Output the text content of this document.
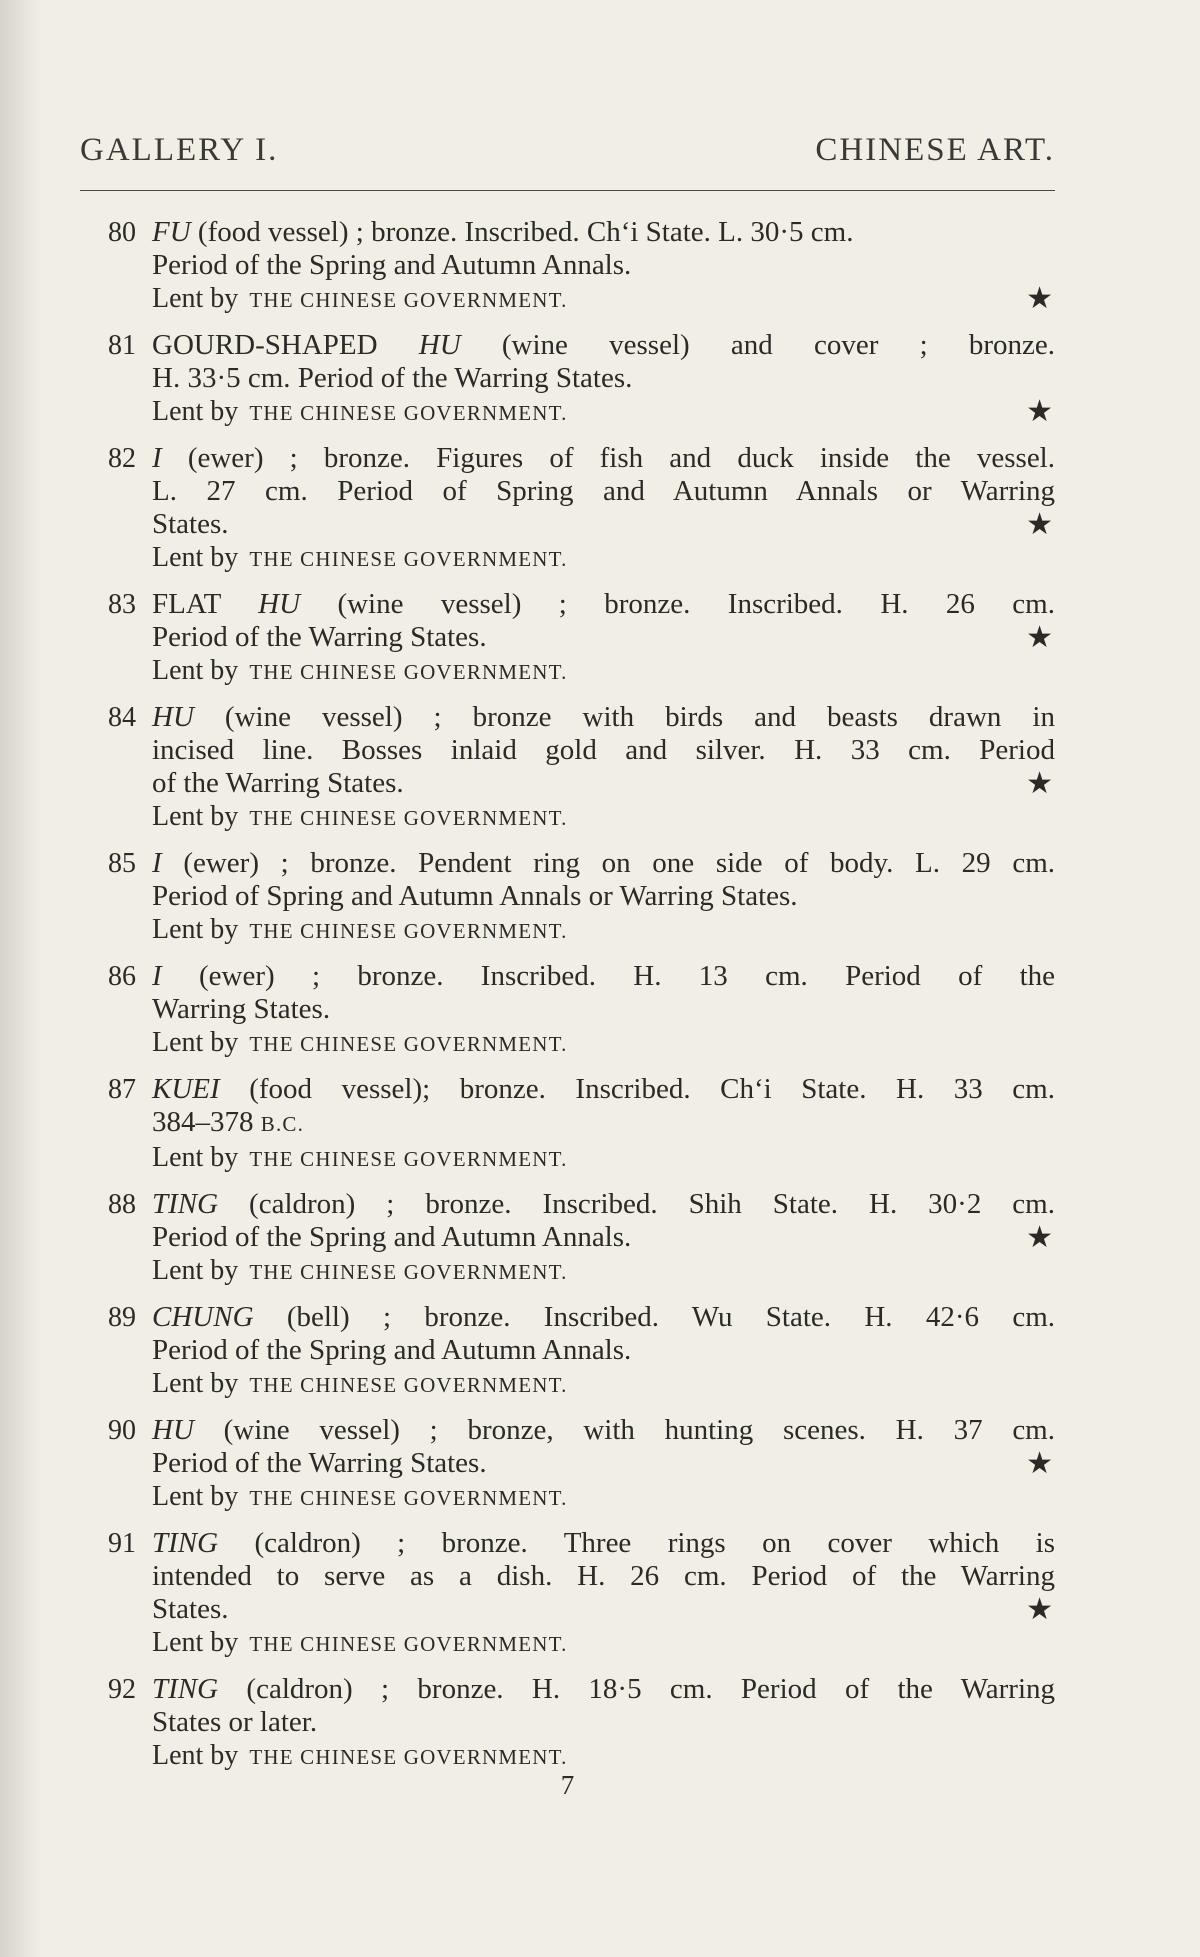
GALLERY I.	CHINESE ART.
80 FU (food vessel) ; bronze. Inscribed. Ch‘i State. L. 30·5 cm.
Period of the Spring and Autumn Annals.
Lent by THE CHINESE GOVERNMENT.	★
81 GOURD-SHAPED HU (wine vessel) and cover ; bronze.
H. 33·5 cm. Period of the Warring States.
Lent by THE CHINESE GOVERNMENT.	★
82 I (ewer) ; bronze. Figures of fish and duck inside the vessel.
L. 27 cm. Period of Spring and Autumn Annals or Warring
States.	★
Lent by THE CHINESE GOVERNMENT.
83 FLAT HU (wine vessel) ; bronze. Inscribed. H. 26 cm.
Period of the Warring States.	★
Lent by THE CHINESE GOVERNMENT.
84 HU (wine vessel) ; bronze with birds and beasts drawn in
incised line. Bosses inlaid gold and silver. H. 33 cm. Period
of the Warring States.	★
Lent by THE CHINESE GOVERNMENT.
85 I (ewer) ; bronze. Pendent ring on one side of body. L. 29 cm.
Period of Spring and Autumn Annals or Warring States.
Lent by THE CHINESE GOVERNMENT.
86 I (ewer) ; bronze. Inscribed. H. 13 cm. Period of the
Warring States.
Lent by THE CHINESE GOVERNMENT.
87 KUEI (food vessel); bronze. Inscribed. Ch‘i State. H. 33 cm.
384–378 B.C.
Lent by THE CHINESE GOVERNMENT.
88 TING (caldron) ; bronze. Inscribed. Shih State. H. 30·2 cm.
Period of the Spring and Autumn Annals.	★
Lent by THE CHINESE GOVERNMENT.
89 CHUNG (bell) ; bronze. Inscribed. Wu State. H. 42·6 cm.
Period of the Spring and Autumn Annals.
Lent by THE CHINESE GOVERNMENT.
90 HU (wine vessel) ; bronze, with hunting scenes. H. 37 cm.
Period of the Warring States.	★
Lent by THE CHINESE GOVERNMENT.
91 TING (caldron) ; bronze. Three rings on cover which is
intended to serve as a dish. H. 26 cm. Period of the Warring
States.	★
Lent by THE CHINESE GOVERNMENT.
92 TING (caldron) ; bronze. H. 18·5 cm. Period of the Warring
States or later.
Lent by THE CHINESE GOVERNMENT.
7
